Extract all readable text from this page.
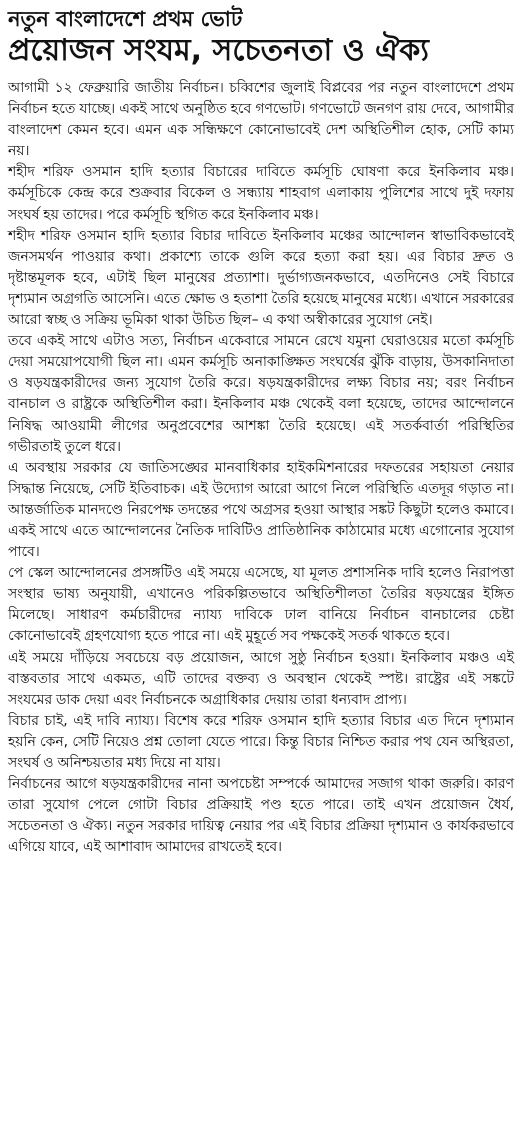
নতুন বাংলাদেশে প্রথম ভোট
প্রয়োজন সংযম, সচেতনতা ও ঐক্য

আগামী ১২ ফেব্রুয়ারি জাতীয় নির্বাচন। চব্বিশের জুলাই বিপ্লবের পর নতুন বাংলাদেশে প্রথম নির্বাচন হতে যাচ্ছে। একই সাথে অনুষ্ঠিত হবে গণভোট। গণভোটে জনগণ রায় দেবে, আগামীর বাংলাদেশ কেমন হবে। এমন এক সন্ধিক্ষণে কোনোভাবেই দেশ অস্থিতিশীল হোক, সেটি কাম্য নয়।

শহীদ শরিফ ওসমান হাদি হত্যার বিচারের দাবিতে কর্মসূচি ঘোষণা করে ইনকিলাব মঞ্চ। কর্মসূচিকে কেন্দ্র করে শুক্রবার বিকেল ও সন্ধ্যায় শাহবাগ এলাকায় পুলিশের সাথে দুই দফায় সংঘর্ষ হয় তাদের। পরে কর্মসূচি স্থগিত করে ইনকিলাব মঞ্চ।

শহীদ শরিফ ওসমান হাদি হত্যার বিচার দাবিতে ইনকিলাব মঞ্চের আন্দোলন স্বাভাবিকভাবেই জনসমর্থন পাওয়ার কথা। প্রকাশ্যে তাকে গুলি করে হত্যা করা হয়। এর বিচার দ্রুত ও দৃষ্টান্তমূলক হবে, এটাই ছিল মানুষের প্রত্যাশা। দুর্ভাগ্যজনকভাবে, এতদিনেও সেই বিচারে দৃশ্যমান অগ্রগতি আসেনি। এতে ক্ষোভ ও হতাশা তৈরি হয়েছে মানুষের মধ্যে। এখানে সরকারের আরো স্বচ্ছ ও সক্রিয় ভূমিকা থাকা উচিত ছিল– এ কথা অস্বীকারের সুযোগ নেই।

তবে একই সাথে এটাও সত্য, নির্বাচন একেবারে সামনে রেখে যমুনা ঘেরাওয়ের মতো কর্মসূচি দেয়া সময়োপযোগী ছিল না। এমন কর্মসূচি অনাকাঙ্ক্ষিত সংঘর্ষের ঝুঁকি বাড়ায়, উসকানিদাতা ও ষড়যন্ত্রকারীদের জন্য সুযোগ তৈরি করে। ষড়যন্ত্রকারীদের লক্ষ্য বিচার নয়; বরং নির্বাচন বানচাল ও রাষ্ট্রকে অস্থিতিশীল করা। ইনকিলাব মঞ্চ থেকেই বলা হয়েছে, তাদের আন্দোলনে নিষিদ্ধ আওয়ামী লীগের অনুপ্রবেশের আশঙ্কা তৈরি হয়েছে। এই সতর্কবার্তা পরিস্থিতির গভীরতাই তুলে ধরে।

এ অবস্থায় সরকার যে জাতিসঙ্ঘের মানবাধিকার হাইকমিশনারের দফতরের সহায়তা নেয়ার সিদ্ধান্ত নিয়েছে, সেটি ইতিবাচক। এই উদ্যোগ আরো আগে নিলে পরিস্থিতি এতদূর গড়াত না। আন্তর্জাতিক মানদণ্ডে নিরপেক্ষ তদন্তের পথে অগ্রসর হওয়া আস্থার সঙ্কট কিছুটা হলেও কমাবে। একই সাথে এতে আন্দোলনের নৈতিক দাবিটিও প্রাতিষ্ঠানিক কাঠামোর মধ্যে এগোনোর সুযোগ পাবে।

পে স্কেল আন্দোলনের প্রসঙ্গটিও এই সময়ে এসেছে, যা মূলত প্রশাসনিক দাবি হলেও নিরাপত্তা সংস্থার ভাষ্য অনুযায়ী, এখানেও পরিকল্পিতভাবে অস্থিতিশীলতা তৈরির ষড়যন্ত্রের ইঙ্গিত মিলেছে। সাধারণ কর্মচারীদের ন্যায্য দাবিকে ঢাল বানিয়ে নির্বাচন বানচালের চেষ্টা কোনোভাবেই গ্রহণযোগ্য হতে পারে না। এই মুহূর্তে সব পক্ষকেই সতর্ক থাকতে হবে।

এই সময়ে দাঁড়িয়ে সবচেয়ে বড় প্রয়োজন, আগে সুষ্ঠু নির্বাচন হওয়া। ইনকিলাব মঞ্চও এই বাস্তবতার সাথে একমত, এটি তাদের বক্তব্য ও অবস্থান থেকেই স্পষ্ট। রাষ্ট্রের এই সঙ্কটে সংযমের ডাক দেয়া এবং নির্বাচনকে অগ্রাধিকার দেয়ায় তারা ধন্যবাদ প্রাপ্য।

বিচার চাই, এই দাবি ন্যায্য। বিশেষ করে শরিফ ওসমান হাদি হত্যার বিচার এত দিনে দৃশ্যমান হয়নি কেন, সেটি নিয়েও প্রশ্ন তোলা যেতে পারে। কিন্তু বিচার নিশ্চিত করার পথ যেন অস্থিরতা, সংঘর্ষ ও অনিশ্চয়তার মধ্য দিয়ে না যায়।

নির্বাচনের আগে ষড়যন্ত্রকারীদের নানা অপচেষ্টা সম্পর্কে আমাদের সজাগ থাকা জরুরি। কারণ তারা সুযোগ পেলে গোটা বিচার প্রক্রিয়াই পণ্ড হতে পারে। তাই এখন প্রয়োজন ধৈর্য, সচেতনতা ও ঐক্য। নতুন সরকার দায়িত্ব নেয়ার পর এই বিচার প্রক্রিয়া দৃশ্যমান ও কার্যকরভাবে এগিয়ে যাবে, এই আশাবাদ আমাদের রাখতেই হবে।
